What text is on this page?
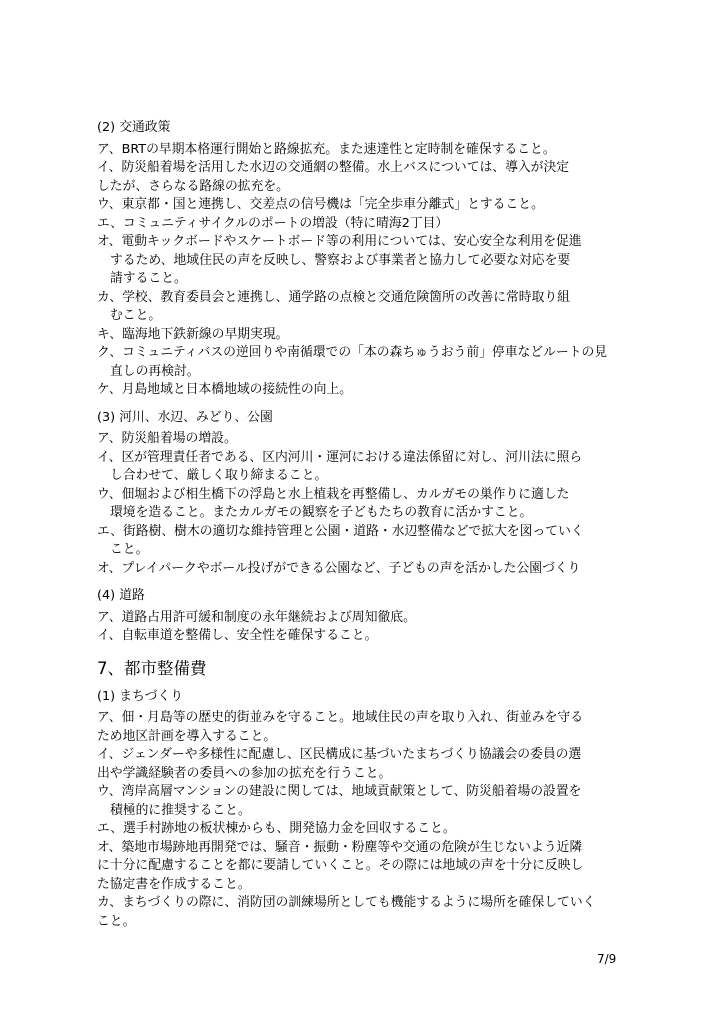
(2) 交通政策
ア、BRTの早期本格運行開始と路線拡充。また速達性と定時制を確保すること。
イ、防災船着場を活用した水辺の交通網の整備。水上バスについては、導入が決定
したが、さらなる路線の拡充を。
ウ、東京都・国と連携し、交差点の信号機は「完全歩車分離式」とすること。
エ、コミュニティサイクルのポートの増設（特に晴海2丁目）
オ、電動キックボードやスケートボード等の利用については、安心安全な利用を促進
するため、地域住民の声を反映し、警察および事業者と協力して必要な対応を要
請すること。
カ、学校、教育委員会と連携し、通学路の点検と交通危険箇所の改善に常時取り組
むこと。
キ、臨海地下鉄新線の早期実現。
ク、コミュニティバスの逆回りや南循環での「本の森ちゅうおう前」停車などルートの見
直しの再検討。
ケ、月島地域と日本橋地域の接続性の向上。
(3) 河川、水辺、みどり、公園
ア、防災船着場の増設。
イ、区が管理責任者である、区内河川・運河における違法係留に対し、河川法に照ら
し合わせて、厳しく取り締まること。
ウ、佃堀および相生橋下の浮島と水上植栽を再整備し、カルガモの巣作りに適した
環境を造ること。またカルガモの観察を子どもたちの教育に活かすこと。
エ、街路樹、樹木の適切な維持管理と公園・道路・水辺整備などで拡大を図っていく
こと。
オ、プレイパークやボール投げができる公園など、子どもの声を活かした公園づくり
(4) 道路
ア、道路占用許可緩和制度の永年継続および周知徹底。
イ、自転車道を整備し、安全性を確保すること。
7、都市整備費
(1) まちづくり
ア、佃・月島等の歴史的街並みを守ること。地域住民の声を取り入れ、街並みを守る
ため地区計画を導入すること。
イ、ジェンダーや多様性に配慮し、区民構成に基づいたまちづくり協議会の委員の選
出や学識経験者の委員への参加の拡充を行うこと。
ウ、湾岸高層マンションの建設に関しては、地域貢献策として、防災船着場の設置を
積極的に推奨すること。
エ、選手村跡地の板状棟からも、開発協力金を回収すること。
オ、築地市場跡地再開発では、騒音・振動・粉塵等や交通の危険が生じないよう近隣
に十分に配慮することを都に要請していくこと。その際には地域の声を十分に反映し
た協定書を作成すること。
カ、まちづくりの際に、消防団の訓練場所としても機能するように場所を確保していく
こと。
7/9
